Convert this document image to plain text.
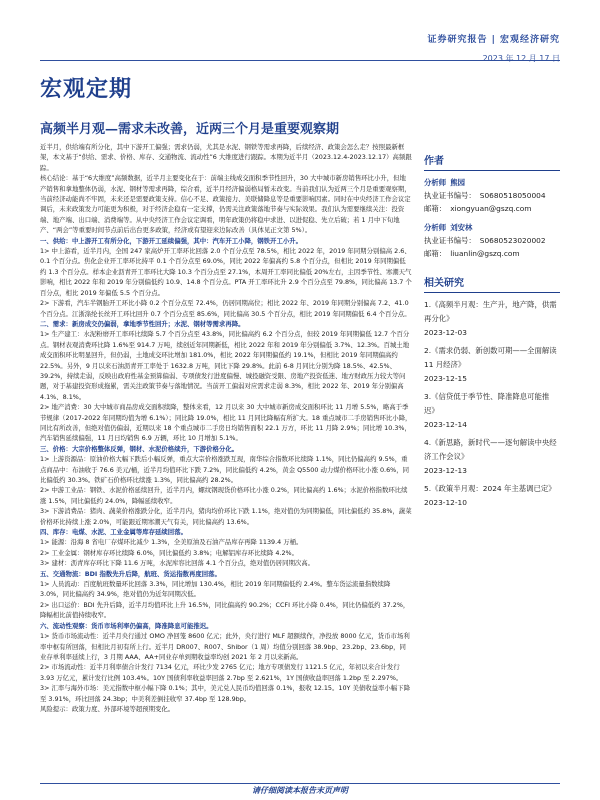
证券研究报告 | 宏观经济研究
2023 年 12 月 17 日
宏观定期
高频半月观—需求未改善，近两三个月是重要观察期

近半月，供给端有所分化，其中下游开工偏强；需求仍弱，尤其是水泥、钢铁等需求再降，后续经济、政策会怎么走？按照最新框架，本文基于“供给、需求、价格、库存、交通物流、流动性”6 大维度进行跟踪。本期为近半月（2023.12.4-2023.12.17）高频跟踪。

核心结论：基于“6大维度”高频数据，近半月主要变化在于：前端主线成交面积季节性回升，30 大中城市新房销售环比小升，但地产销售和拿地整体仍弱，水泥、钢材等需求再降，综合看，近半月经济偏弱格局暂未改变。当前我们认为近两三个月是重要观察期，当前经济动能尚不牢固，未来还是需要政策支持。信心不足、政策接力、美联储降息等是重要影响因素。同时在中央经济工作会议定调后，未来政策发力可能更为积极，对于经济企稳有一定支撑，仍需关注政策落地节奏与实际效果。我们认为需要继续关注：投资端、地产端、出口端、消费端等。从中央经济工作会议定调看，明年政策仍将稳中求进、以进促稳、先立后破；若 1 月中下旬地产、“两会”等重要时间节点前后出台更多政策，经济或有望迎来边际改善（具体见正文第 5%）。

一、供给：中上游开工有所分化，下游开工延续偏强，其中：汽车开工小降，钢铁开工小升。

1> 中上游看，近半月内，全国 247 家高炉开工率环比回落 2.0 个百分点至 78.5%，相比 2022 年，2019 年同期分别偏高 2.6、0.1 个百分点。焦化企业开工率环比持平 0.1 个百分点至 69.0%，同比 2022 年偏高约 5.8 个百分点，但相比 2019 年同期偏低约 1.3 个百分点。样本企业沥青开工率环比大降 10.3 个百分点至 27.1%，本周开工率同比偏低 20%左右，主因季节性、寒潮天气影响，相比 2022 年和 2019 年分别偏低约 10.9、14.8 个百分点。PTA 开工率环比升 2.9 个百分点至 79.8%，同比偏高 13.7 个百分点，相比 2019 年偏低 5.5 个百分点。

2> 下游看，汽车半钢胎开工环比小降 0.2 个百分点至 72.4%，仍居同期高位；相比 2022 年、2019 年同期分别偏高 7.2、41.0 个百分点。江浙涤纶长丝开工环比回升 0.7 个百分点至 85.6%，同比偏高 30.5 个百分点，相比 2019 年同期偏低 6.4 个百分点。

二、需求：新房成交仍偏弱，拿地季节性回升；水泥、钢材等需求再降。

1> 生产建工：水泥粉磨开工率环比续降 5.7 个百分点至 43.8%，同比偏高约 6.2 个百分点，但较 2019 年同期偏低 12.7 个百分点。钢材表观消费环比降 1.6%至 914.7 万吨，续创近年同期新低，相比 2022 年和 2019 年分别偏低 3.7%、12.3%。百城土地成交面积环比明显回升，但仍弱，土地成交环比增加 181.0%，相比 2022 年同期偏低约 19.1%，但相比 2019 年同期偏高约 22.5%。另外，9 月以来石油沥青开工率处于 1632.8 万吨，同比下降 29.8%。此前 6-8 月同比分别为降 18.5%、42.5%、39.2%，持续走弱，反映出政府性基金预算偏弱、专项债发行进度偏慢、城投融资受限、房地产投资低迷、地方财政压力较大等问题，对于基建投资形成拖累，需关注政策节奏与落地情况。当前开工偏弱对应需求走弱 8.3%，相比 2022 年、2019 年分别偏高 4.1%、8.1%。

2> 地产消费：30 大中城市商品房成交面积续降，整体来看，12 月以来 30 大中城市新房成交面积环比 11 月增 5.5%，略高于季节规律（2017-2022 年同期均值为增 6.1%）；同比降 19.0%，相比 11 月同比降幅有所扩大。18 重点城市二手房销售环比小降，同比有所改善，但绝对值仍偏弱，近期以来 18 个重点城市二手房日均销售面积 22.1 万方，环比 11 月降 2.9%；同比增 10.3%，汽车销售延续偏强，11 月日均销售 6.9 万辆，环比 10 月增加 5.1%。

三、价格：大宗价格整体反弹，钢材、水泥价格续升，下游价格分化。

1> 上游资源品：原油价格大幅下跌后小幅反弹，重点大宗价格涨跌互现，南华综合指数环比续降 1.1%，同比仍偏高约 9.5%，重点商品中：布油收于 76.6 美元/桶，近半月均值环比下跌 7.2%，同比偏低约 4.2%，黄金 Q5500 动力煤价格环比小涨 0.6%，同比偏低约 30.3%。铁矿石价格环比续涨 1.3%，同比偏高约 28.2%。

2> 中游工业品：钢铁、水泥价格延续回升，近半月内，螺纹钢现货价格环比小涨 0.2%，同比偏高约 1.6%；水泥价格指数环比续涨 1.5%，同比偏低约 24.0%，降幅延续收窄。

3> 下游消费品：猪肉、蔬菜价格涨跌分化，近半月内，猪肉均价环比下跌 1.1%，绝对值仍为同期偏低，同比偏低约 35.8%，蔬菜价格环比持续上涨 2.0%，可能跟近期寒潮天气有关，同比偏高约 13.6%。

四、库存：电煤、水泥、工业金属等库存延续回落。

1> 能源：沿海 8 省电厂存煤环比减少 1.3%，全美原油及石油产品库存再降 1139.4 万桶。

2> 工业金属：钢材库存环比续降 6.0%，同比偏低约 3.8%；电解铝库存环比续降 4.2%。

3> 建材：沥青库存环比下降 11.6 万吨，水泥库容比回落 4.1 个百分点，绝对值仍居同期次高。

五、交通物流：BDI 指数先升后降，航班、货运指数再度回落。

1> 人员流动：百度航班数量环比回落 3.3%，同比增加 130.4%，相比 2019 年同期偏低约 2.4%。整车货运流量指数续降 3.0%，同比偏高约 34.9%，绝对值仍为近年同期次低。

2> 出口运价：BDI 先升后降，近半月均值环比上升 16.5%，同比偏高约 90.2%；CCFI 环比小降 0.4%，同比仍偏低约 37.2%，降幅相比前值持续收窄。

六、流动性观察：货币市场利率仍偏高，降准降息可能推迟。

1> 货币市场流动性：近半月央行通过 OMO 净回笼 8600 亿元；此外，央行进行 MLF 超额续作，净投放 8000 亿元，货币市场利率中枢有所回落，但相比月初有所上行。近半月 DR007、R007、Shibor（1 周）均值分别回落 38.9bp、23.2bp、23.6bp，同业存单利率延续上行，3 月期 AAA、AA+同业存单到期收益率均创 2021 年 2 月以来新高。

2> 市场流动性：近半月利率债合计发行 7134 亿元，环比少发 2765 亿元；地方专项债发行 1121.5 亿元，年初以来合计发行 3.93 万亿元，累计发行比例 103.4%。10Y 国债利率收益率回落 2.7bp 至 2.621%，1Y 国债收益率回落 1.2bp 至 2.297%。

3> 汇率与海外市场：美元指数中枢小幅下降 0.1%；其中，美元兑人民币均值回落 0.1%，报收 12.15。10Y 美债收益率小幅下降至 3.91%，环比回落 24.3bp；中美利差倒挂收窄 37.4bp 至 128.9bp。

风险提示：政策力度、外部环境等超预期变化。

作者
分析师 熊园
执业证书编号： S0680518050004
邮箱： xiongyuan@gszq.com
分析师 刘安林
执业证书编号： S0680523020002
邮箱： liuanlin@gszq.com
相关研究
1.《高频半月观：生产升，地产降，供需再分化》
2023-12-03
2.《需求仍弱、新创数可期——全面解读 11 月经济》
2023-12-15
3.《信贷低于季节性、降准降息可能推迟》
2023-12-14
4.《新思路，新时代——逐句解读中央经济工作会议》
2023-12-13
5.《政策半月观：2024 年主基调已定》
2023-12-10
请仔细阅读本报告末页声明
